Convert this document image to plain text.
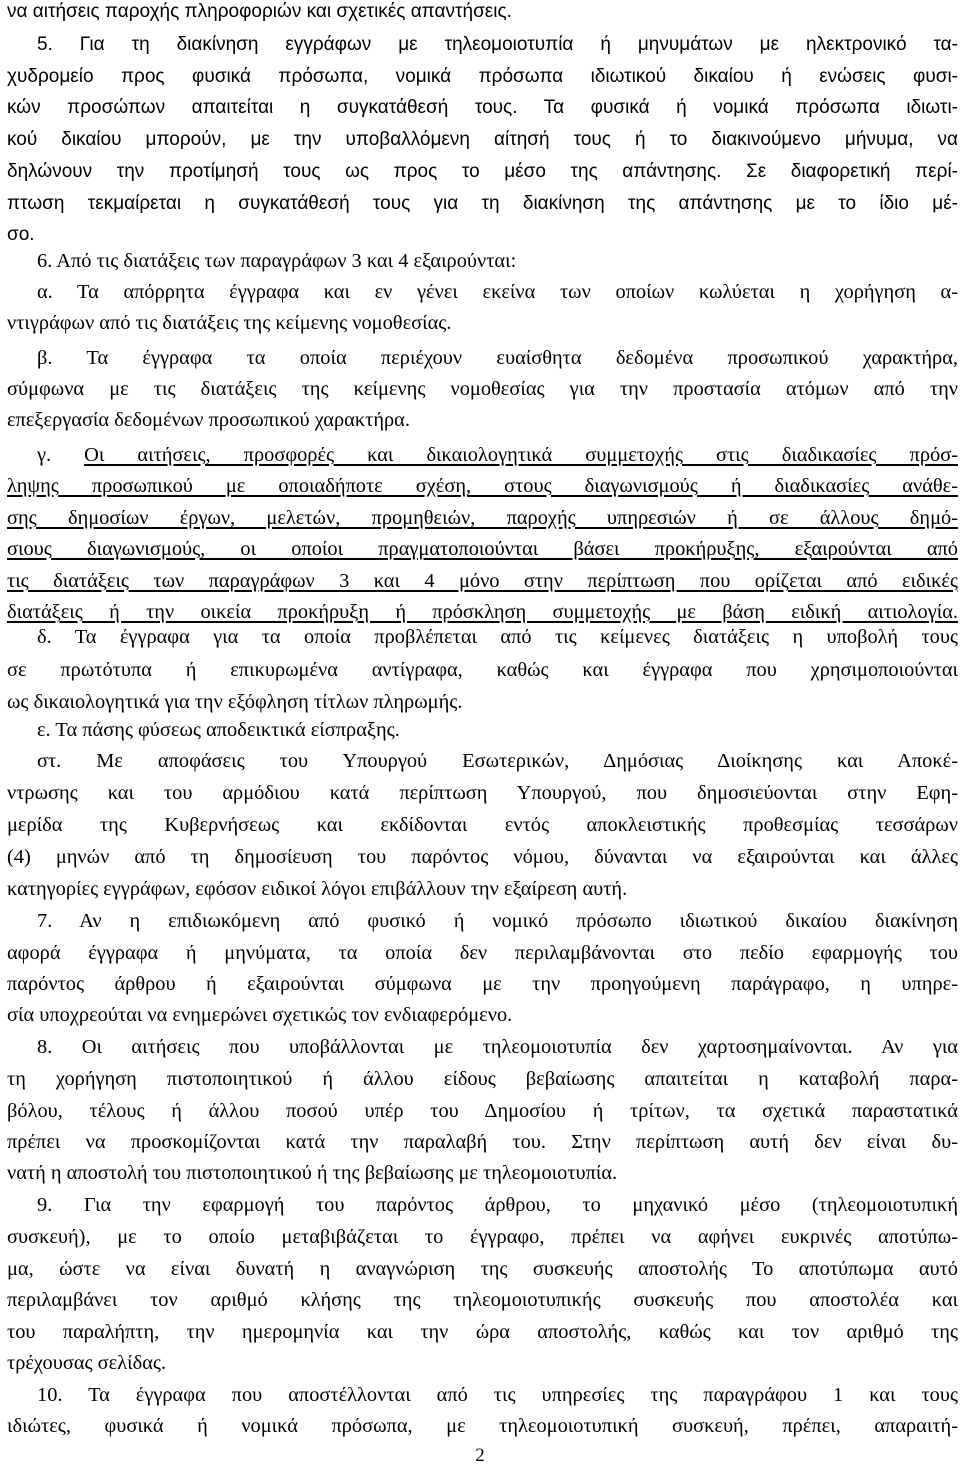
να αιτήσεις παροχής πληροφοριών και σχετικές απαντήσεις.
5. Για τη διακίνηση εγγράφων με τηλεομοιοτυπία ή μηνυμάτων με ηλεκτρονικό τα-
χυδρομείο προς φυσικά πρόσωπα, νομικά πρόσωπα ιδιωτικού δικαίου ή ενώσεις φυσι-
κών προσώπων απαιτείται η συγκατάθεσή τους. Τα φυσικά ή νομικά πρόσωπα ιδιωτι-
κού δικαίου μπορούν, με την υποβαλλόμενη αίτησή τους ή το διακινούμενο μήνυμα, να
δηλώνουν την προτίμησή τους ως προς το μέσο της απάντησης. Σε διαφορετική περί-
πτωση τεκμαίρεται η συγκατάθεσή τους για τη διακίνηση της απάντησης με το ίδιο μέ-
σο.
6. Από τις διατάξεις των παραγράφων 3 και 4 εξαιρούνται:
α. Τα απόρρητα έγγραφα και εν γένει εκείνα των οποίων κωλύεται η χορήγηση α-
ντιγράφων από τις διατάξεις της κείμενης νομοθεσίας.
β. Τα έγγραφα τα οποία περιέχουν ευαίσθητα δεδομένα προσωπικού χαρακτήρα,
σύμφωνα με τις διατάξεις της κείμενης νομοθεσίας για την προστασία ατόμων από την
επεξεργασία δεδομένων προσωπικού χαρακτήρα.
γ. Οι αιτήσεις, προσφορές και δικαιολογητικά συμμετοχής στις διαδικασίες πρόσ-
ληψης προσωπικού με οποιαδήποτε σχέση, στους διαγωνισμούς ή διαδικασίες ανάθε-
σης δημοσίων έργων, μελετών, προμηθειών, παροχής υπηρεσιών ή σε άλλους δημό-
σιους διαγωνισμούς, οι οποίοι πραγματοποιούνται βάσει προκήρυξης, εξαιρούνται από
τις διατάξεις των παραγράφων 3 και 4 μόνο στην περίπτωση που ορίζεται από ειδικές
διατάξεις ή την οικεία προκήρυξη ή πρόσκληση συμμετοχής με βάση ειδική αιτιολογία.
δ. Τα έγγραφα για τα οποία προβλέπεται από τις κείμενες διατάξεις η υποβολή τους
σε πρωτότυπα ή επικυρωμένα αντίγραφα, καθώς και έγγραφα που χρησιμοποιούνται
ως δικαιολογητικά για την εξόφληση τίτλων πληρωμής.
ε. Τα πάσης φύσεως αποδεικτικά είσπραξης.
στ. Με αποφάσεις του Υπουργού Εσωτερικών, Δημόσιας Διοίκησης και Αποκέ-
ντρωσης και του αρμόδιου κατά περίπτωση Υπουργού, που δημοσιεύονται στην Εφη-
μερίδα της Κυβερνήσεως και εκδίδονται εντός αποκλειστικής προθεσμίας τεσσάρων
(4) μηνών από τη δημοσίευση του παρόντος νόμου, δύνανται να εξαιρούνται και άλλες
κατηγορίες εγγράφων, εφόσον ειδικοί λόγοι επιβάλλουν την εξαίρεση αυτή.
7. Αν η επιδιωκόμενη από φυσικό ή νομικό πρόσωπο ιδιωτικού δικαίου διακίνηση
αφορά έγγραφα ή μηνύματα, τα οποία δεν περιλαμβάνονται στο πεδίο εφαρμογής του
παρόντος άρθρου ή εξαιρούνται σύμφωνα με την προηγούμενη παράγραφο, η υπηρε-
σία υποχρεούται να ενημερώνει σχετικώς τον ενδιαφερόμενο.
8. Οι αιτήσεις που υποβάλλονται με τηλεομοιοτυπία δεν χαρτοσημαίνονται. Αν για
τη χορήγηση πιστοποιητικού ή άλλου είδους βεβαίωσης απαιτείται η καταβολή παρα-
βόλου, τέλους ή άλλου ποσού υπέρ του Δημοσίου ή τρίτων, τα σχετικά παραστατικά
πρέπει να προσκομίζονται κατά την παραλαβή του. Στην περίπτωση αυτή δεν είναι δυ-
νατή η αποστολή του πιστοποιητικού ή της βεβαίωσης με τηλεομοιοτυπία.
9. Για την εφαρμογή του παρόντος άρθρου, το μηχανικό μέσο (τηλεομοιοτυπική
συσκευή), με το οποίο μεταβιβάζεται το έγγραφο, πρέπει να αφήνει ευκρινές αποτύπω-
μα, ώστε να είναι δυνατή η αναγνώριση της συσκευής αποστολής Το αποτύπωμα αυτό
περιλαμβάνει τον αριθμό κλήσης της τηλεομοιοτυπικής συσκευής που αποστολέα και
του παραλήπτη, την ημερομηνία και την ώρα αποστολής, καθώς και τον αριθμό της
τρέχουσας σελίδας.
10. Τα έγγραφα που αποστέλλονται από τις υπηρεσίες της παραγράφου 1 και τους
ιδιώτες, φυσικά ή νομικά πρόσωπα, με τηλεομοιοτυπική συσκευή, πρέπει, απαραιτή-
2
